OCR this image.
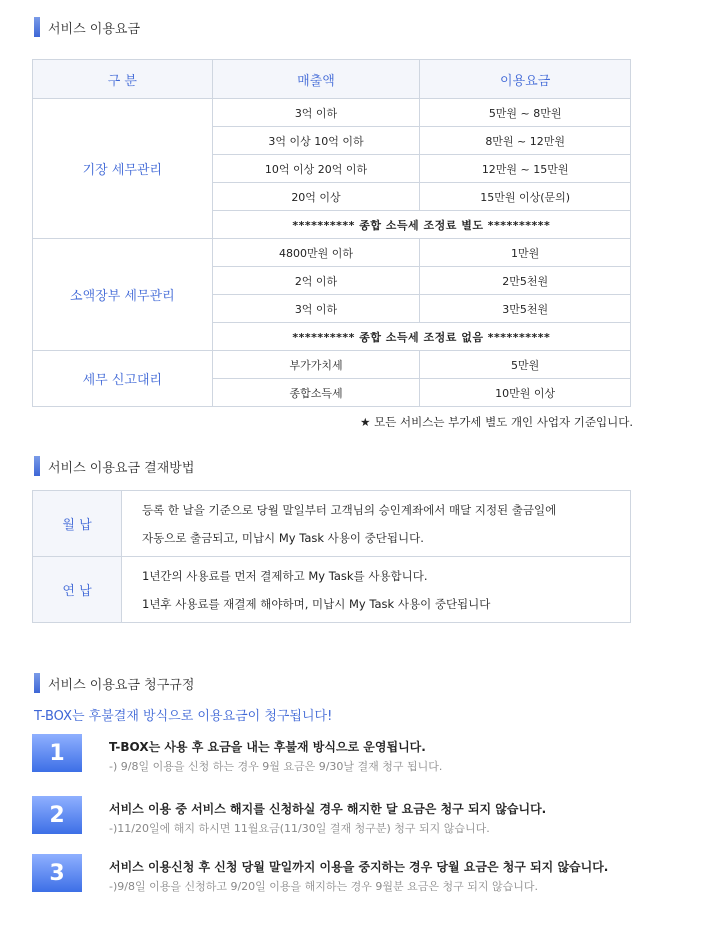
서비스 이용요금
구 분	매출액	이용요금
기장 세무관리	3억 이하	5만원 ~ 8만원
	3억 이상 10억 이하	8만원 ~ 12만원
	10억 이상 20억 이하	12만원 ~ 15만원
	20억 이상	15만원 이상(문의)
	********** 종합 소득세 조정료 별도 **********	
소액장부 세무관리	4800만원 이하	1만원
	2억 이하	2만5천원
	3억 이하	3만5천원
	********** 종합 소득세 조정료 없음 **********	
세무 신고대리	부가가치세	5만원
	종합소득세	10만원 이상
★ 모든 서비스는 부가세 별도 개인 사업자 기준입니다.
서비스 이용요금 결재방법
월 납	등록 한 날을 기준으로 당월 말일부터 고객님의 승인계좌에서 매달 지정된 출금일에
자동으로 출금되고, 미납시 My Task 사용이 중단됩니다.

연 납	1년간의 사용료를 먼저 결제하고 My Task를 사용합니다.
1년후 사용료를 재결제 해야하며, 미납시 My Task 사용이 중단됩니다
서비스 이용요금 청구규정
T-BOX는 후불결재 방식으로 이용요금이 청구됩니다!
1	T-BOX는 사용 후 요금을 내는 후불재 방식으로 운영됩니다.
-) 9/8일 이용을 신청 하는 경우 9월 요금은 9/30날 결재 청구 됩니다.
2	서비스 이용 중 서비스 해지를 신청하실 경우 해지한 달 요금은 청구 되지 않습니다.
-)11/20일에 해지 하시면 11월요금(11/30일 결재 청구분) 청구 되지 않습니다.
3	서비스 이용신청 후 신청 당월 말일까지 이용을 중지하는 경우 당월 요금은 청구 되지 않습니다.
-)9/8일 이용을 신청하고 9/20일 이용을 해지하는 경우 9월분 요금은 청구 되지 않습니다.
